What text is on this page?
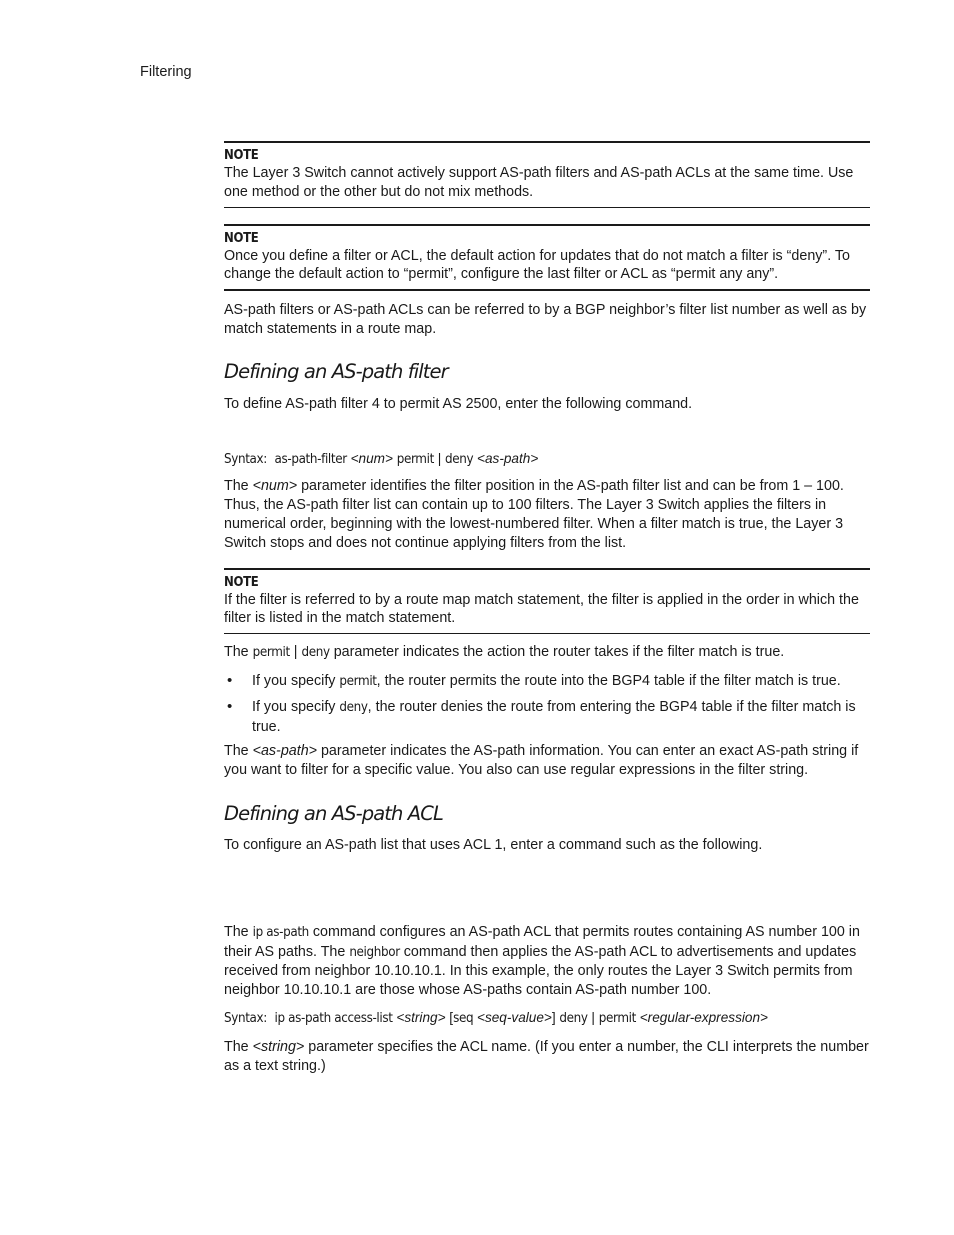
Filtering
NOTE

The Layer 3 Switch cannot actively support AS-path filters and AS-path ACLs at the same time. Use one method or the other but do not mix methods.

NOTE

Once you define a filter or ACL, the default action for updates that do not match a filter is “deny”. To change the default action to “permit”, configure the last filter or ACL as “permit any any”.

AS-path filters or AS-path ACLs can be referred to by a BGP neighbor’s filter list number as well as by match statements in a route map.

Defining an AS-path filter

To define AS-path filter 4 to permit AS 2500, enter the following command.

Syntax: as-path-filter <num> permit | deny <as-path>

The <num> parameter identifies the filter position in the AS-path filter list and can be from 1 – 100. Thus, the AS-path filter list can contain up to 100 filters. The Layer 3 Switch applies the filters in numerical order, beginning with the lowest-numbered filter. When a filter match is true, the Layer 3 Switch stops and does not continue applying filters from the list.

NOTE

If the filter is referred to by a route map match statement, the filter is applied in the order in which the filter is listed in the match statement.

The permit | deny parameter indicates the action the router takes if the filter match is true.

• If you specify permit, the router permits the route into the BGP4 table if the filter match is true.
• If you specify deny, the router denies the route from entering the BGP4 table if the filter match is true.

The <as-path> parameter indicates the AS-path information. You can enter an exact AS-path string if you want to filter for a specific value. You also can use regular expressions in the filter string.

Defining an AS-path ACL

To configure an AS-path list that uses ACL 1, enter a command such as the following.

The ip as-path command configures an AS-path ACL that permits routes containing AS number 100 in their AS paths. The neighbor command then applies the AS-path ACL to advertisements and updates received from neighbor 10.10.10.1. In this example, the only routes the Layer 3 Switch permits from neighbor 10.10.10.1 are those whose AS-paths contain AS-path number 100.

Syntax: ip as-path access-list <string> [seq <seq-value>] deny | permit <regular-expression>

The <string> parameter specifies the ACL name. (If you enter a number, the CLI interprets the number as a text string.)
